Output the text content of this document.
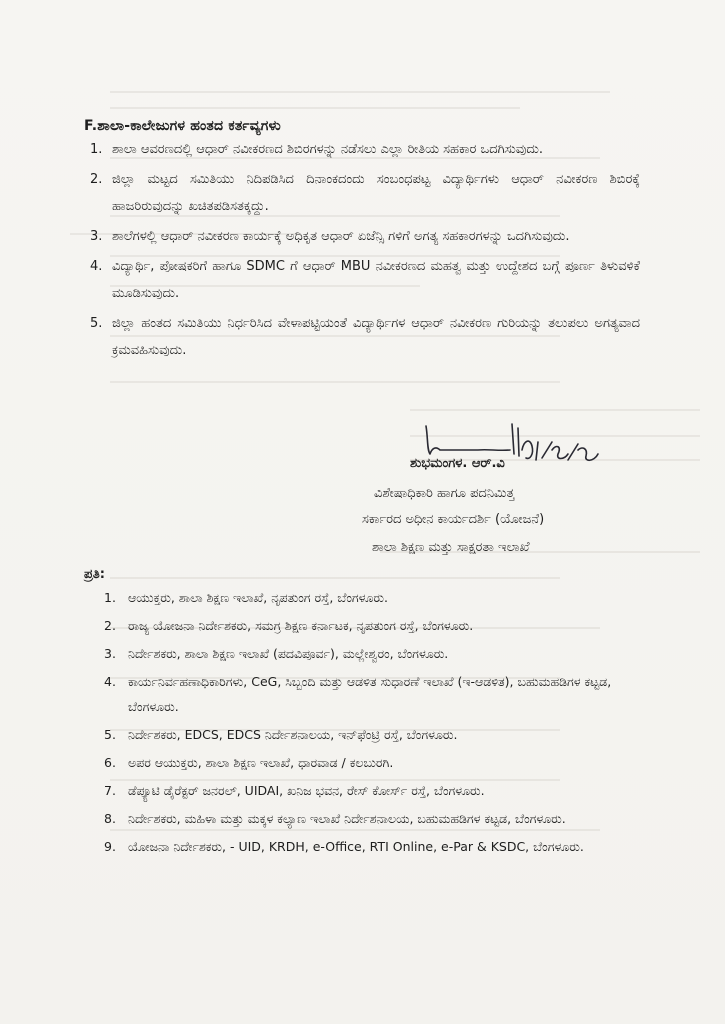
F.ಶಾಲಾ-ಕಾಲೇಜುಗಳ ಹಂತದ ಕರ್ತವ್ಯಗಳು
1. ಶಾಲಾ ಆವರಣದಲ್ಲಿ ಆಧಾರ್ ನವೀಕರಣದ ಶಿಬಿರಗಳನ್ನು ನಡೆಸಲು ಎಲ್ಲಾ ರೀತಿಯ ಸಹಕಾರ ಒದಗಿಸುವುದು.
2. ಜಿಲ್ಲಾ ಮಟ್ಟದ ಸಮಿತಿಯು ನಿದಿಪಡಿಸಿದ ದಿನಾಂಕದಂದು ಸಂಬಂಧಪಟ್ಟ ವಿದ್ಯಾರ್ಥಿಗಳು ಆಧಾರ್ ನವೀಕರಣ ಶಿಬಿರಕ್ಕೆ ಹಾಜರಿರುವುದನ್ನು ಖಚಿತಪಡಿಸತಕ್ಕದ್ದು.
3. ಶಾಲೆಗಳಲ್ಲಿ ಆಧಾರ್ ನವೀಕರಣ ಕಾರ್ಯಕ್ಕೆ ಅಧಿಕೃತ ಆಧಾರ್ ಏಜೆನ್ಸಿ ಗಳಿಗೆ ಅಗತ್ಯ ಸಹಕಾರಗಳನ್ನು ಒದಗಿಸುವುದು.
4. ವಿದ್ಯಾರ್ಥಿ, ಪೋಷಕರಿಗೆ ಹಾಗೂ SDMC ಗೆ ಆಧಾರ್ MBU ನವೀಕರಣದ ಮಹತ್ವ ಮತ್ತು ಉದ್ದೇಶದ ಬಗ್ಗೆ ಪೂರ್ಣ ತಿಳುವಳಿಕೆ ಮೂಡಿಸುವುದು.
5. ಜಿಲ್ಲಾ ಹಂತದ ಸಮಿತಿಯು ನಿರ್ಧರಿಸಿದ ವೇಳಾಪಟ್ಟಿಯಂತೆ ವಿದ್ಯಾರ್ಥಿಗಳ ಆಧಾರ್ ನವೀಕರಣ ಗುರಿಯನ್ನು ತಲುಪಲು ಅಗತ್ಯವಾದ ಕ್ರಮವಹಿಸುವುದು.
ಶುಭಮಂಗಳ. ಆರ್.ವಿ
ವಿಶೇಷಾಧಿಕಾರಿ ಹಾಗೂ ಪದನಿಮಿತ್ತ
ಸರ್ಕಾರದ ಅಧೀನ ಕಾರ್ಯದರ್ಶಿ (ಯೋಜನೆ)
ಶಾಲಾ ಶಿಕ್ಷಣ ಮತ್ತು ಸಾಕ್ಷರತಾ ಇಲಾಖೆ
ಪ್ರತಿ:
1. ಆಯುಕ್ತರು, ಶಾಲಾ ಶಿಕ್ಷಣ ಇಲಾಖೆ, ನೃಪತುಂಗ ರಸ್ತೆ, ಬೆಂಗಳೂರು.
2. ರಾಜ್ಯ ಯೋಜನಾ ನಿರ್ದೇಶಕರು, ಸಮಗ್ರ ಶಿಕ್ಷಣ ಕರ್ನಾಟಕ, ನೃಪತುಂಗ ರಸ್ತೆ, ಬೆಂಗಳೂರು.
3. ನಿರ್ದೇಶಕರು, ಶಾಲಾ ಶಿಕ್ಷಣ ಇಲಾಖೆ (ಪದವಿಪೂರ್ವ), ಮಲ್ಲೇಶ್ವರಂ, ಬೆಂಗಳೂರು.
4. ಕಾರ್ಯನಿರ್ವಹಣಾಧಿಕಾರಿಗಳು, CeG, ಸಿಬ್ಬಂದಿ ಮತ್ತು ಆಡಳಿತ ಸುಧಾರಣೆ ಇಲಾಖೆ (ಇ-ಆಡಳಿತ), ಬಹುಮಹಡಿಗಳ ಕಟ್ಟಡ, ಬೆಂಗಳೂರು.
5. ನಿರ್ದೇಶಕರು, EDCS, EDCS ನಿರ್ದೇಶನಾಲಯ, ಇನ್‌ಫೆಂಟ್ರಿ ರಸ್ತೆ, ಬೆಂಗಳೂರು.
6. ಅಪರ ಆಯುಕ್ತರು, ಶಾಲಾ ಶಿಕ್ಷಣ ಇಲಾಖೆ, ಧಾರವಾಡ / ಕಲಬುರಗಿ.
7. ಡೆಪ್ಯೂಟಿ ಡೈರೆಕ್ಟರ್ ಜನರಲ್, UIDAI, ಖನಿಜ ಭವನ, ರೇಸ್ ಕೋರ್ಸ್ ರಸ್ತೆ, ಬೆಂಗಳೂರು.
8. ನಿರ್ದೇಶಕರು, ಮಹಿಳಾ ಮತ್ತು ಮಕ್ಕಳ ಕಲ್ಯಾಣ ಇಲಾಖೆ ನಿರ್ದೇಶನಾಲಯ, ಬಹುಮಹಡಿಗಳ ಕಟ್ಟಡ, ಬೆಂಗಳೂರು.
9. ಯೋಜನಾ ನಿರ್ದೇಶಕರು, - UID, KRDH, e-Office, RTI Online, e-Par & KSDC, ಬೆಂಗಳೂರು.
